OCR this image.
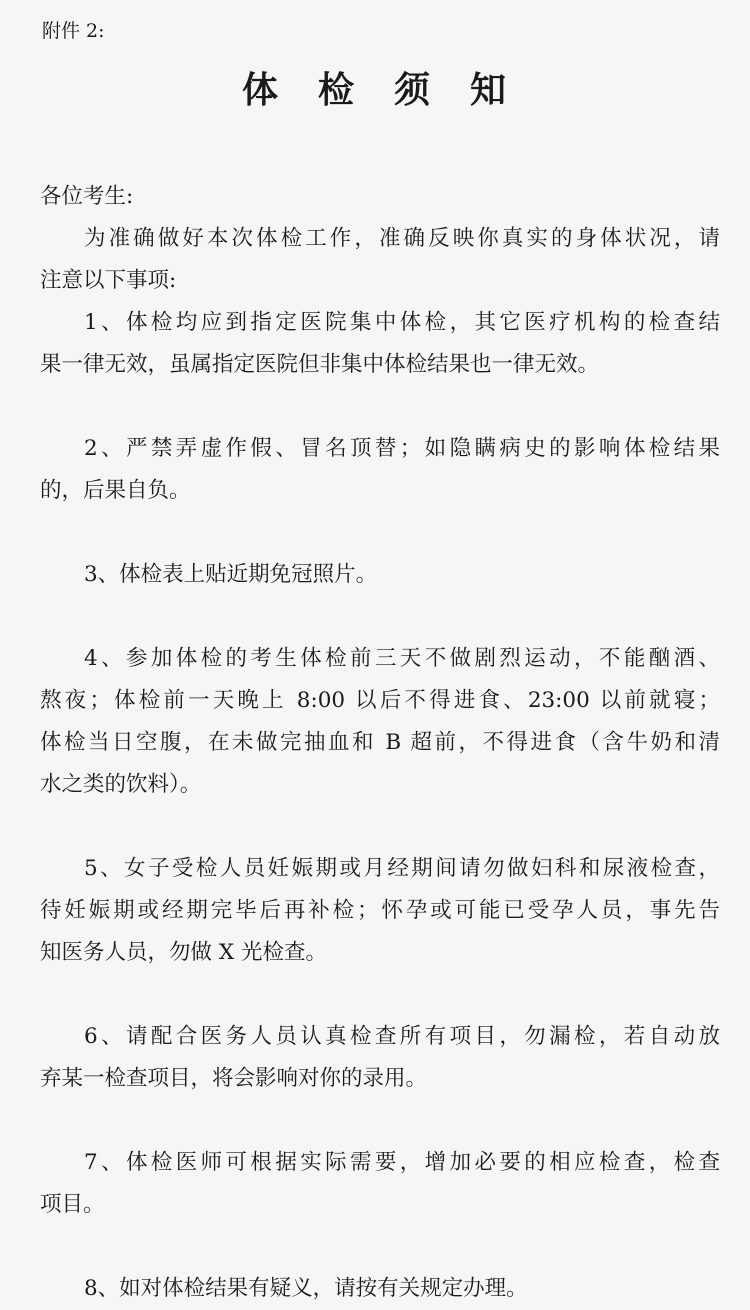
附件 2:
体 检 须 知
各位考生:
为准确做好本次体检工作，准确反映你真实的身体状况，请
注意以下事项:
1、体检均应到指定医院集中体检，其它医疗机构的检查结
果一律无效，虽属指定医院但非集中体检结果也一律无效。
2、严禁弄虚作假、冒名顶替；如隐瞒病史的影响体检结果
的，后果自负。
3、体检表上贴近期免冠照片。
4、参加体检的考生体检前三天不做剧烈运动，不能酗酒、
熬夜；体检前一天晚上 8:00 以后不得进食、23:00 以前就寝；
体检当日空腹，在未做完抽血和 B 超前，不得进食（含牛奶和清
水之类的饮料）。
5、女子受检人员妊娠期或月经期间请勿做妇科和尿液检查，
待妊娠期或经期完毕后再补检；怀孕或可能已受孕人员，事先告
知医务人员，勿做 X 光检查。
6、请配合医务人员认真检查所有项目，勿漏检，若自动放
弃某一检查项目，将会影响对你的录用。
7、体检医师可根据实际需要，增加必要的相应检查，检查
项目。
8、如对体检结果有疑义，请按有关规定办理。
